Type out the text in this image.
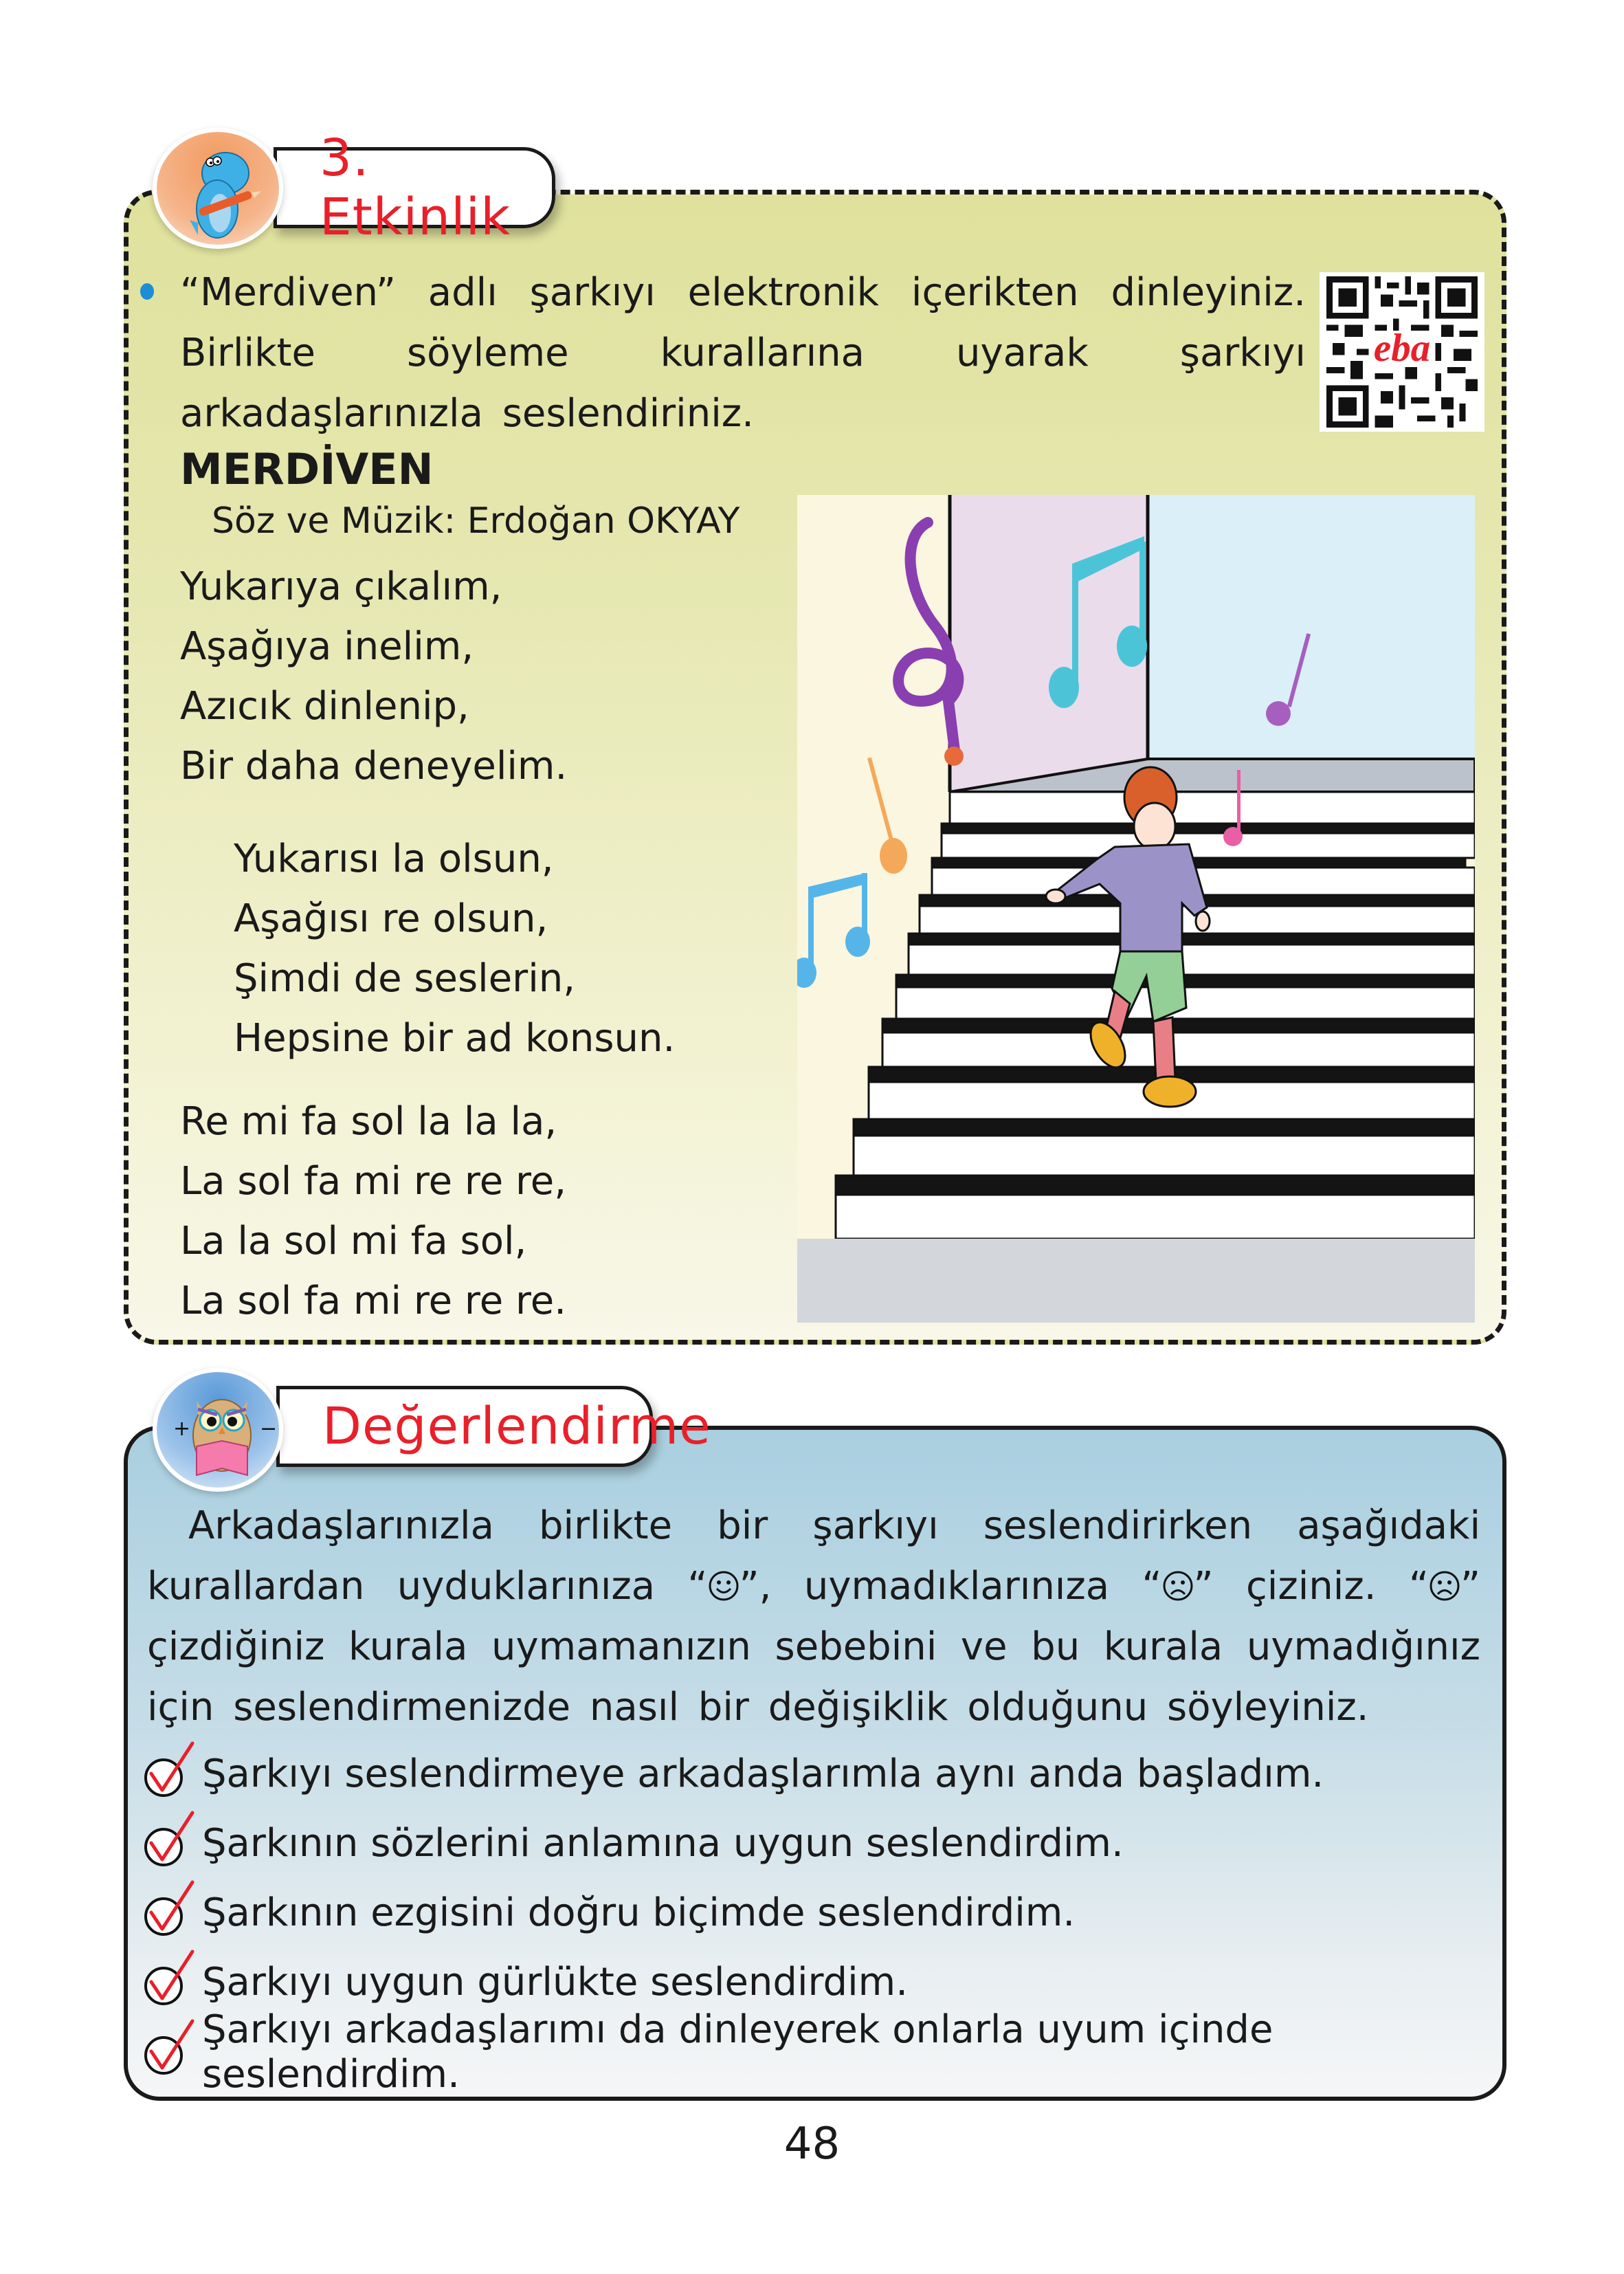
3. Etkinlik
“Merdiven” adlı şarkıyı elektronik içerikten dinleyiniz. Birlikte söyleme kurallarına uyarak şarkıyı arkadaşlarınızla seslendiriniz.
eba
MERDİVEN
Söz ve Müzik: Erdoğan OKYAY
Yukarıya çıkalım,
Aşağıya inelim,
Azıcık dinlenip,
Bir daha deneyelim.
Yukarısı la olsun,
Aşağısı re olsun,
Şimdi de seslerin,
Hepsine bir ad konsun.
Re mi fa sol la la la,
La sol fa mi re re re,
La la sol mi fa sol,
La sol fa mi re re re.
Değerlendirme
+	−
Arkadaşlarınızla birlikte bir şarkıyı seslendirirken aşağıdaki kurallardan uyduklarınıza “ ”, uymadıklarınıza “ ” çiziniz. “ ” çizdiğiniz kurala uymamanızın sebebini ve bu kurala uymadığınız için seslendirmenizde nasıl bir değişiklik olduğunu söyleyiniz.
Şarkıyı seslendirmeye arkadaşlarımla aynı anda başladım.
Şarkının sözlerini anlamına uygun seslendirdim.
Şarkının ezgisini doğru biçimde seslendirdim.
Şarkıyı uygun gürlükte seslendirdim.
Şarkıyı arkadaşlarımı da dinleyerek onlarla uyum içinde seslendirdim.
48
